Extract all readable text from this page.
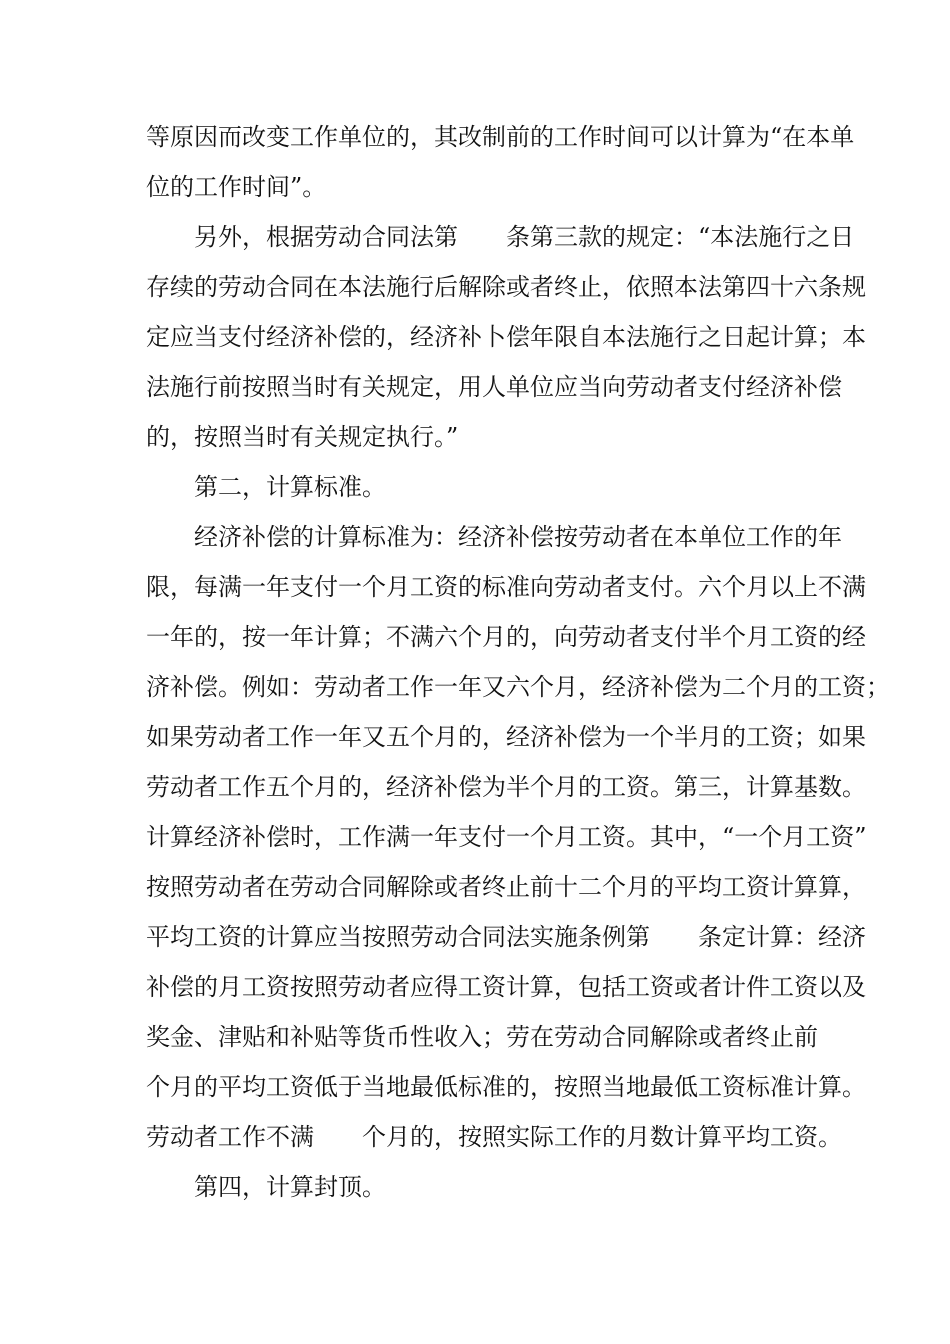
等原因而改变工作单位的，其改制前的工作时间可以计算为“在本单

位的工作时间”。

另外，根据劳动合同法第　　条第三款的规定：“本法施行之日

存续的劳动合同在本法施行后解除或者终止，依照本法第四十六条规

定应当支付经济补偿的，经济补卜偿年限自本法施行之日起计算；本

法施行前按照当时有关规定，用人单位应当向劳动者支付经济补偿

的，按照当时有关规定执行。”

第二，计算标准。

经济补偿的计算标准为：经济补偿按劳动者在本单位工作的年

限，每满一年支付一个月工资的标准向劳动者支付。六个月以上不满

一年的，按一年计算；不满六个月的，向劳动者支付半个月工资的经

济补偿。例如：劳动者工作一年又六个月，经济补偿为二个月的工资；

如果劳动者工作一年又五个月的，经济补偿为一个半月的工资；如果

劳动者工作五个月的，经济补偿为半个月的工资。第三，计算基数。

计算经济补偿时，工作满一年支付一个月工资。其中，“一个月工资”

按照劳动者在劳动合同解除或者终止前十二个月的平均工资计算算，

平均工资的计算应当按照劳动合同法实施条例第　　条定计算：经济

补偿的月工资按照劳动者应得工资计算，包括工资或者计件工资以及

奖金、津贴和补贴等货币性收入；劳在劳动合同解除或者终止前

个月的平均工资低于当地最低标准的，按照当地最低工资标准计算。

劳动者工作不满　　个月的，按照实际工作的月数计算平均工资。

第四，计算封顶。
